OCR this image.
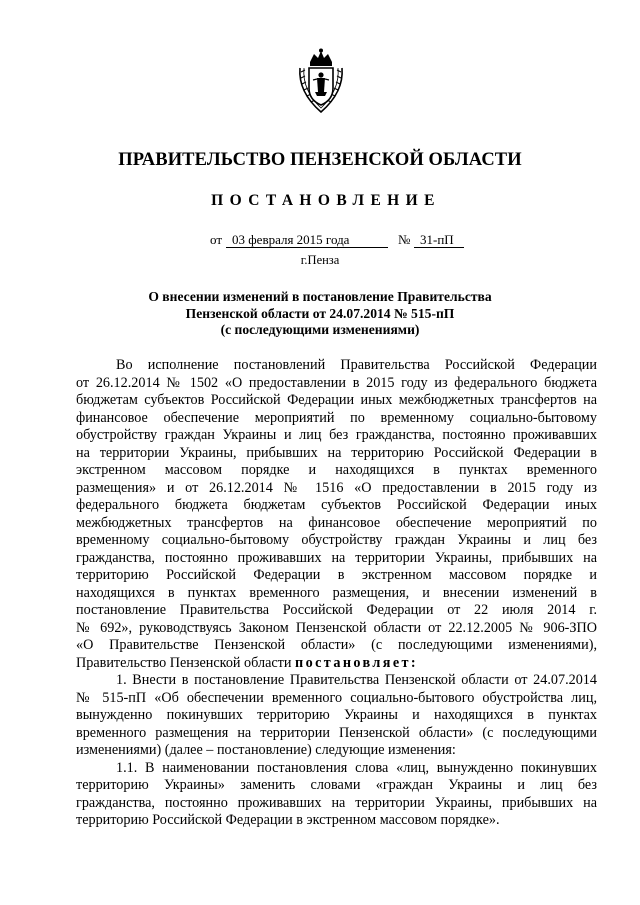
ПРАВИТЕЛЬСТВО ПЕНЗЕНСКОЙ ОБЛАСТИ
ПОСТАНОВЛЕНИЕ
от 03 февраля 2015 года	№ 31-пП
г.Пенза
О внесении изменений в постановление Правительства
Пензенской области от 24.07.2014 № 515-пП
(с последующими изменениями)
Во исполнение постановлений Правительства Российской Федерации
от 26.12.2014 № 1502 «О предоставлении в 2015 году из федерального бюджета
бюджетам субъектов Российской Федерации иных межбюджетных трансфертов на
финансовое обеспечение мероприятий по временному социально-бытовому
обустройству граждан Украины и лиц без гражданства, постоянно проживавших
на территории Украины, прибывших на территорию Российской Федерации в
экстренном массовом порядке и находящихся в пунктах временного
размещения» и от 26.12.2014 № 1516 «О предоставлении в 2015 году из
федерального бюджета бюджетам субъектов Российской Федерации иных
межбюджетных трансфертов на финансовое обеспечение мероприятий по
временному социально-бытовому обустройству граждан Украины и лиц без
гражданства, постоянно проживавших на территории Украины, прибывших на
территорию Российской Федерации в экстренном массовом порядке и
находящихся в пунктах временного размещения, и внесении изменений в
постановление Правительства Российской Федерации от 22 июля 2014 г.
№ 692», руководствуясь Законом Пензенской области от 22.12.2005 № 906-ЗПО
«О Правительстве Пензенской области» (с последующими изменениями),
Правительство Пензенской области постановляет:
1. Внести в постановление Правительства Пензенской области от 24.07.2014
№ 515-пП «Об обеспечении временного социально-бытового обустройства лиц,
вынужденно покинувших территорию Украины и находящихся в пунктах
временного размещения на территории Пензенской области» (с последующими
изменениями) (далее – постановление) следующие изменения:
1.1. В наименовании постановления слова «лиц, вынужденно покинувших
территорию Украины» заменить словами «граждан Украины и лиц без
гражданства, постоянно проживавших на территории Украины, прибывших на
территорию Российской Федерации в экстренном массовом порядке».
